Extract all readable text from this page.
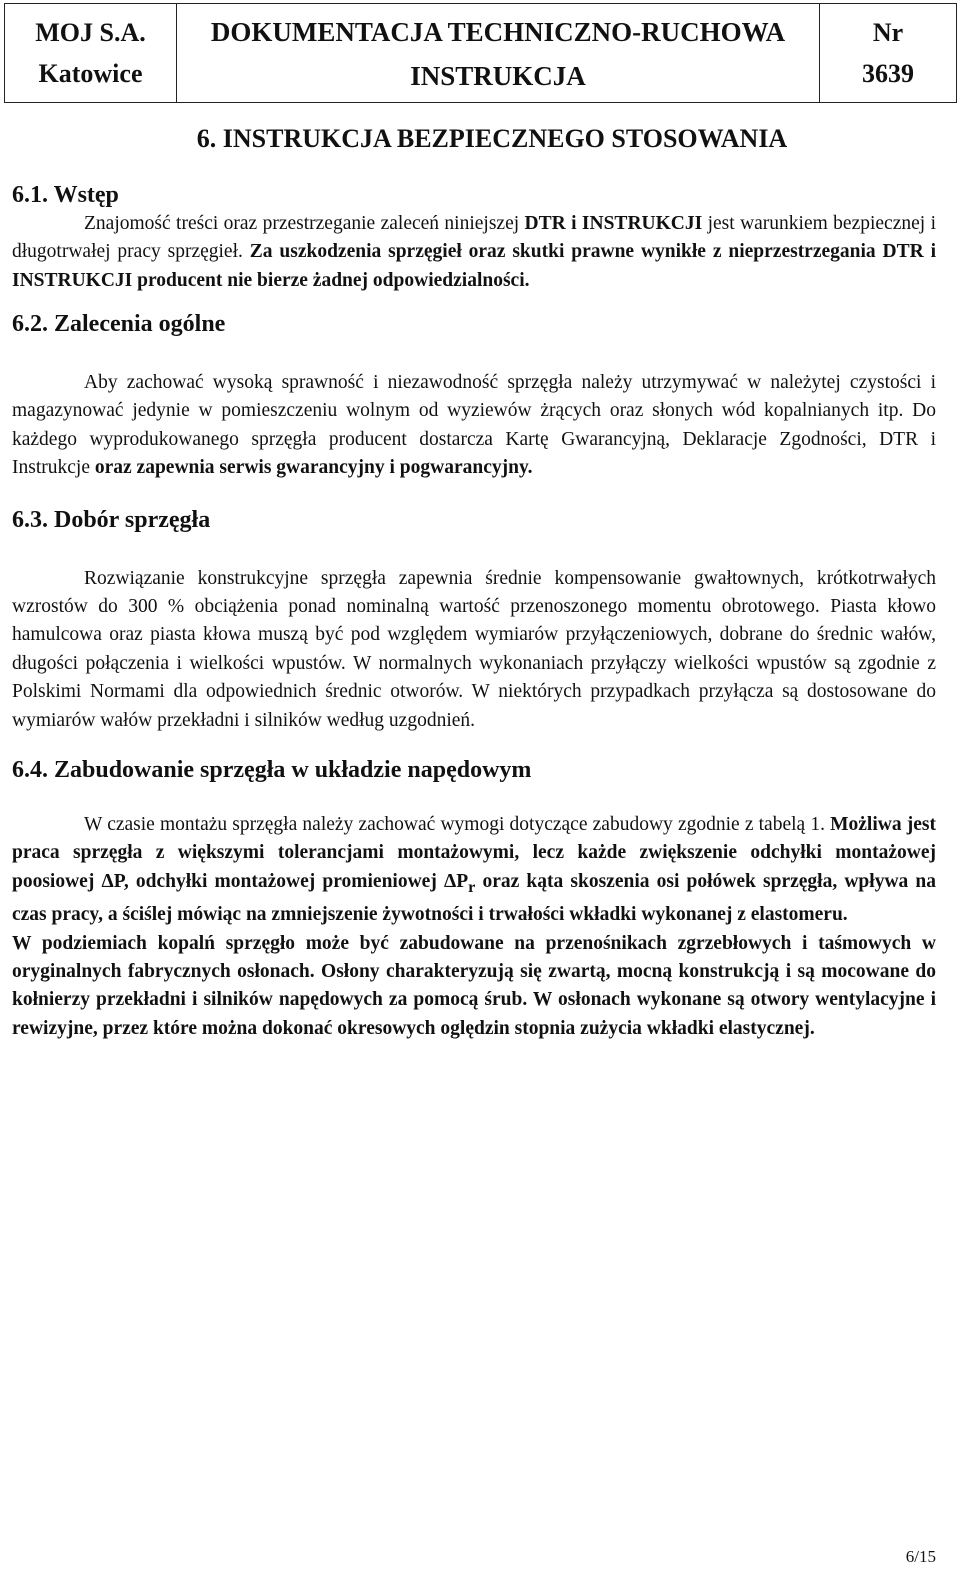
MOJ S.A.
Katowice
DOKUMENTACJA TECHNICZNO-RUCHOWA
INSTRUKCJA
Nr
3639
6. INSTRUKCJA BEZPIECZNEGO STOSOWANIA
6.1. Wstęp

Znajomość treści oraz przestrzeganie zaleceń niniejszej DTR i INSTRUKCJI jest warunkiem bezpiecznej i długotrwałej pracy sprzęgieł. Za uszkodzenia sprzęgieł oraz skutki prawne wynikłe z nieprzestrzegania DTR i INSTRUKCJI producent nie bierze żadnej odpowiedzialności.

6.2. Zalecenia ogólne

Aby zachować wysoką sprawność i niezawodność sprzęgła należy utrzymywać w należytej czystości i magazynować jedynie w pomieszczeniu wolnym od wyziewów żrących oraz słonych wód kopalnianych itp. Do każdego wyprodukowanego sprzęgła producent dostarcza Kartę Gwarancyjną, Deklaracje Zgodności, DTR i Instrukcje oraz zapewnia serwis gwarancyjny i pogwarancyjny.

6.3. Dobór sprzęgła

Rozwiązanie konstrukcyjne sprzęgła zapewnia średnie kompensowanie gwałtownych, krótkotrwałych wzrostów do 300 % obciążenia ponad nominalną wartość przenoszonego momentu obrotowego. Piasta kłowo hamulcowa oraz piasta kłowa muszą być pod względem wymiarów przyłączeniowych, dobrane do średnic wałów, długości połączenia i wielkości wpustów. W normalnych wykonaniach przyłączy wielkości wpustów są zgodnie z Polskimi Normami dla odpowiednich średnic otworów. W niektórych przypadkach przyłącza są dostosowane do wymiarów wałów przekładni i silników według uzgodnień.

6.4. Zabudowanie sprzęgła w układzie napędowym

W czasie montażu sprzęgła należy zachować wymogi dotyczące zabudowy zgodnie z tabelą 1. Możliwa jest praca sprzęgła z większymi tolerancjami montażowymi, lecz każde zwiększenie odchyłki montażowej poosiowej ΔP, odchyłki montażowej promieniowej $\Delta P_r$ oraz kąta skoszenia osi połówek sprzęgła, wpływa na czas pracy, a ściślej mówiąc na zmniejszenie żywotności i trwałości wkładki wykonanej z elastomeru.

W podziemiach kopalń sprzęgło może być zabudowane na przenośnikach zgrzebłowych i taśmowych w oryginalnych fabrycznych osłonach. Osłony charakteryzują się zwartą, mocną konstrukcją i są mocowane do kołnierzy przekładni i silników napędowych za pomocą śrub. W osłonach wykonane są otwory wentylacyjne i rewizyjne, przez które można dokonać okresowych oględzin stopnia zużycia wkładki elastycznej.

6/15
